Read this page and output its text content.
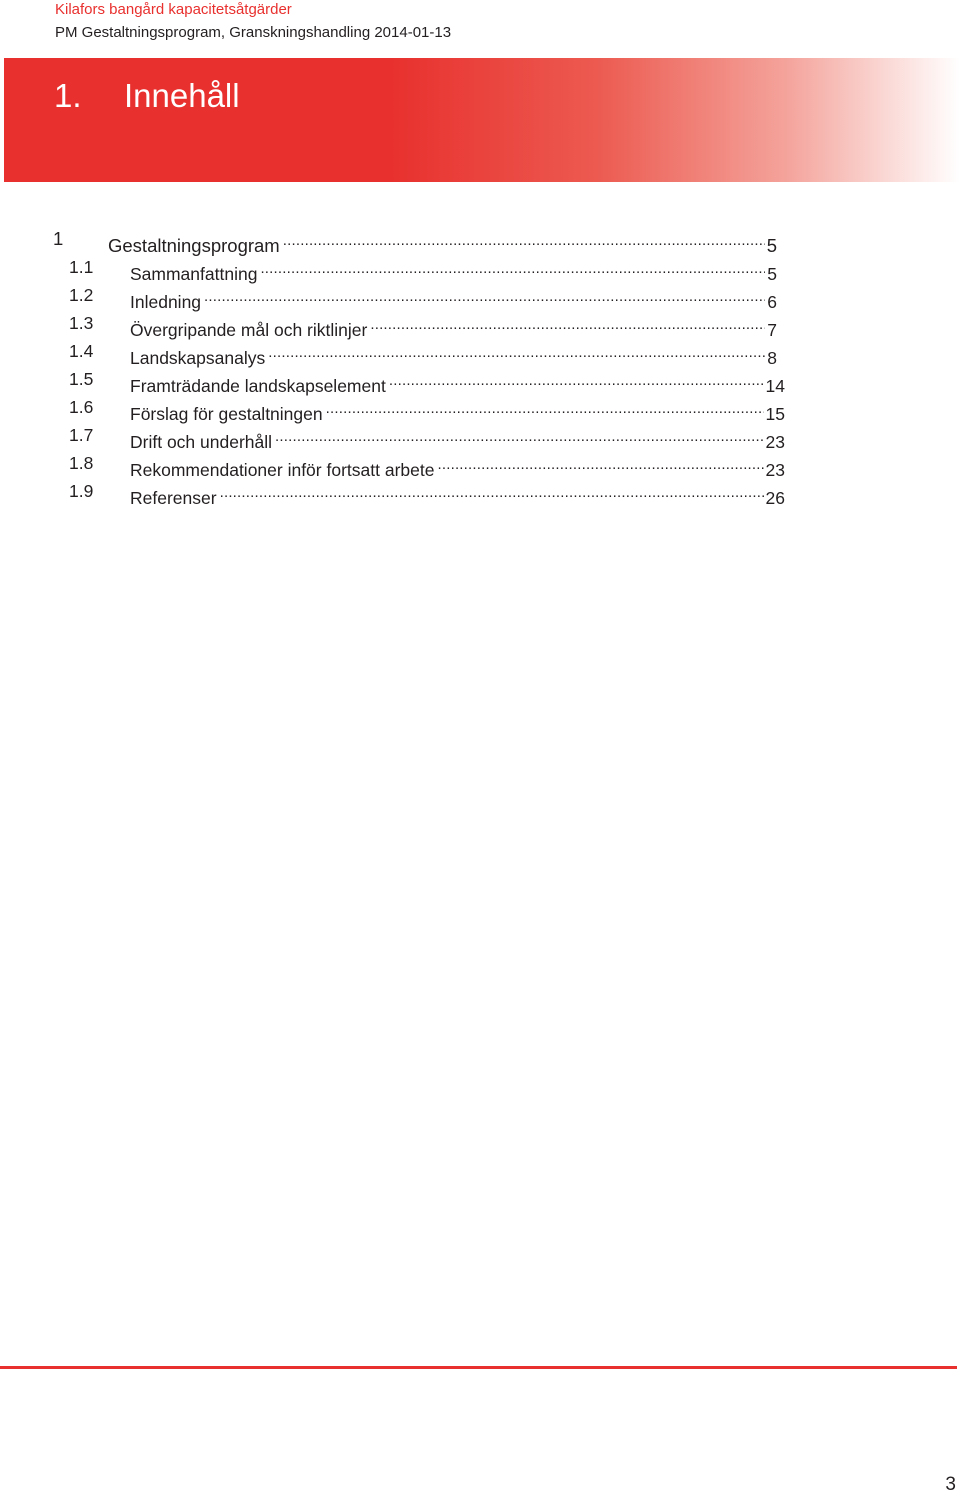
Kilafors bangård kapacitetsåtgärder
PM Gestaltningsprogram, Granskningshandling 2014-01-13
1. Innehåll
1 Gestaltningsprogram .....	5
1.1 Sammanfattning .....	5
1.2 Inledning .....	6
1.3 Övergripande mål och riktlinjer .....	7
1.4 Landskapsanalys .....	8
1.5 Framträdande landskapselement .....	14
1.6 Förslag för gestaltningen .....	15
1.7 Drift och underhåll .....	23
1.8 Rekommendationer inför fortsatt arbete .....	23
1.9 Referenser .....	26
3
